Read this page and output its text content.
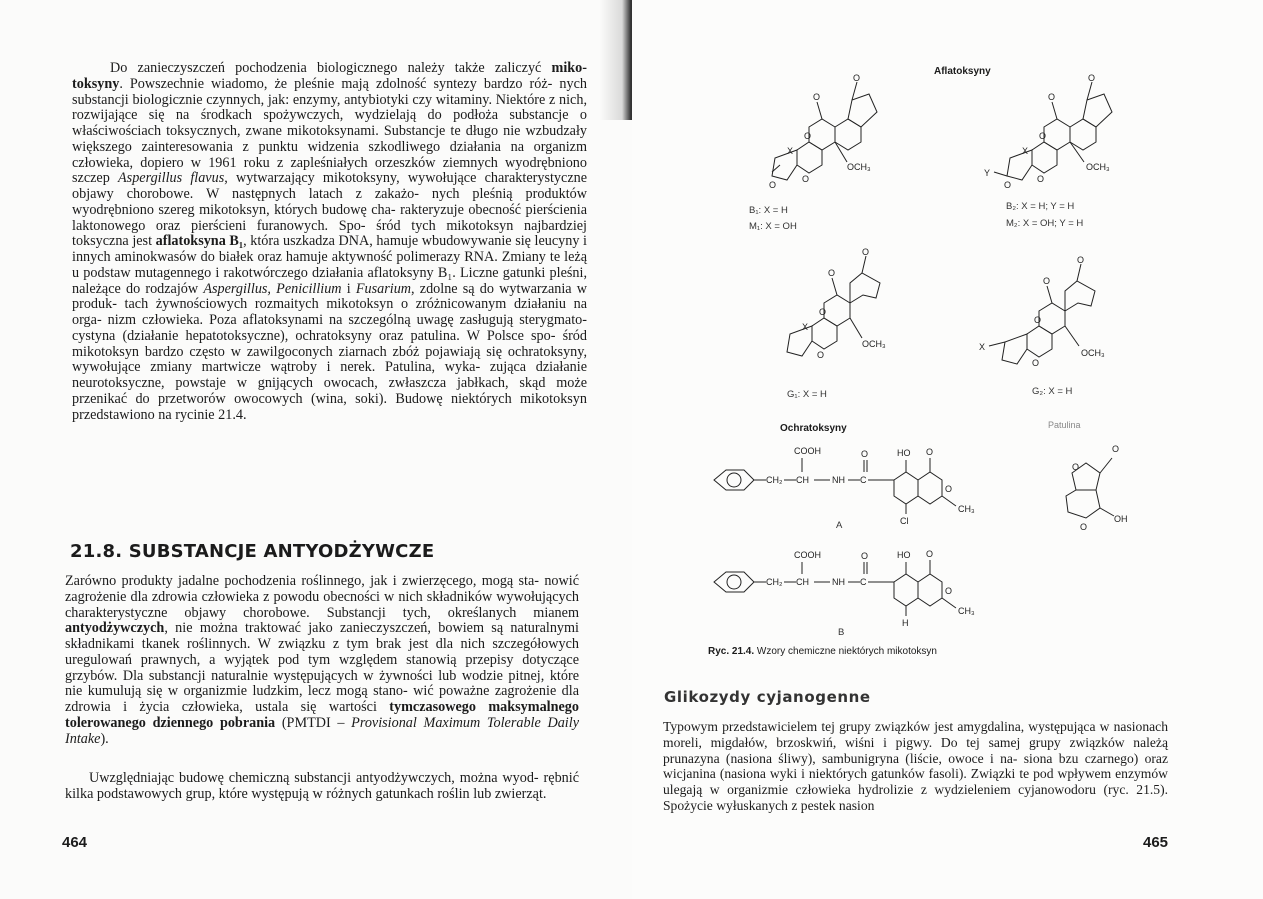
Do zanieczyszczeń pochodzenia biologicznego należy także zaliczyć miko- toksyny. Powszechnie wiadomo, że pleśnie mają zdolność syntezy bardzo róż- nych substancji biologicznie czynnych, jak: enzymy, antybiotyki czy witaminy. Niektóre z nich, rozwijające się na środkach spożywczych, wydzielają do podłoża substancje o właściwościach toksycznych, zwane mikotoksynami. Substancje te długo nie wzbudzały większego zainteresowania z punktu widzenia szkodliwego działania na organizm człowieka, dopiero w 1961 roku z zapleśniałych orzeszków ziemnych wyodrębniono szczep Aspergillus flavus, wytwarzający mikotoksyny, wywołujące charakterystyczne objawy chorobowe. W następnych latach z zakażo- nych pleśnią produktów wyodrębniono szereg mikotoksyn, których budowę cha- rakteryzuje obecność pierścienia laktonowego oraz pierścieni furanowych. Spo- śród tych mikotoksyn najbardziej toksyczna jest aflatoksyna B₁, która uszkadza DNA, hamuje wbudowywanie się leucyny i innych aminokwasów do białek oraz hamuje aktywność polimerazy RNA. Zmiany te leżą u podstaw mutagennego i rakotwórczego działania aflatoksyny B₁. Liczne gatunki pleśni, należące do rodzajów Aspergillus, Penicillium i Fusarium, zdolne są do wytwarzania w produk- tach żywnościowych rozmaitych mikotoksyn o zróżnicowanym działaniu na orga- nizm człowieka. Poza aflatoksynami na szczególną uwagę zasługują sterygmato- cystyna (działanie hepatotoksyczne), ochratoksyny oraz patulina. W Polsce spo- śród mikotoksyn bardzo często w zawilgoconych ziarnach zbóż pojawiają się ochratoksyny, wywołujące zmiany martwicze wątroby i nerek. Patulina, wyka- zująca działanie neurotoksyczne, powstaje w gnijących owocach, zwłaszcza jabłkach, skąd może przenikać do przetworów owocowych (wina, soki). Budowę niektórych mikotoksyn przedstawiono na rycinie 21.4.

21.8. SUBSTANCJE ANTYODŻYWCZE

Zarówno produkty jadalne pochodzenia roślinnego, jak i zwierzęcego, mogą sta- nowić zagrożenie dla zdrowia człowieka z powodu obecności w nich składników wywołujących charakterystyczne objawy chorobowe. Substancji tych, określanych mianem antyodżywczych, nie można traktować jako zanieczyszczeń, bowiem są naturalnymi składnikami tkanek roślinnych. W związku z tym brak jest dla nich szczegółowych uregulowań prawnych, a wyjątek pod tym względem stanowią przepisy dotyczące grzybów. Dla substancji naturalnie występujących w żywności lub wodzie pitnej, które nie kumulują się w organizmie ludzkim, lecz mogą stano- wić poważne zagrożenie dla zdrowia i życia człowieka, ustala się wartości tymczasowego maksymalnego tolerowanego dziennego pobrania (PMTDI – Provisional Maximum Tolerable Daily Intake).

Uwzględniając budowę chemiczną substancji antyodżywczych, można wyod- rębnić kilka podstawowych grup, które występują w różnych gatunkach roślin lub zwierząt.

464
Aflatoksyny
O
O
X
O
O
OCH₃
O
B₁: X = H
M₁: X = OH
O
O
Y
X
O
O
OCH₃
O
B₂: X = H; Y = H
M₂: X = OH; Y = H
O
O
X
O
OCH₃
O
G₁: X = H
O
O
X
O
OCH₃
O
G₂: X = H
Ochratoksyny	Patulina
CH₂ CH
COOH
NH C
O	HO O
O
CH₃
Cl
A
O
O
O
OH
CH₂ CH
COOH
NH C
O	HO O
O
CH₃
H
B
Ryc. 21.4. Wzory chemiczne niektórych mikotoksyn
Glikozydy cyjanogenne

Typowym przedstawicielem tej grupy związków jest amygdalina, występująca w nasionach moreli, migdałów, brzoskwiń, wiśni i pigwy. Do tej samej grupy związków należą prunazyna (nasiona śliwy), sambunigryna (liście, owoce i na- siona bzu czarnego) oraz wicjanina (nasiona wyki i niektórych gatunków fasoli). Związki te pod wpływem enzymów ulegają w organizmie człowieka hydrolizie z wydzieleniem cyjanowodoru (ryc. 21.5). Spożycie wyłuskanych z pestek nasion

465
